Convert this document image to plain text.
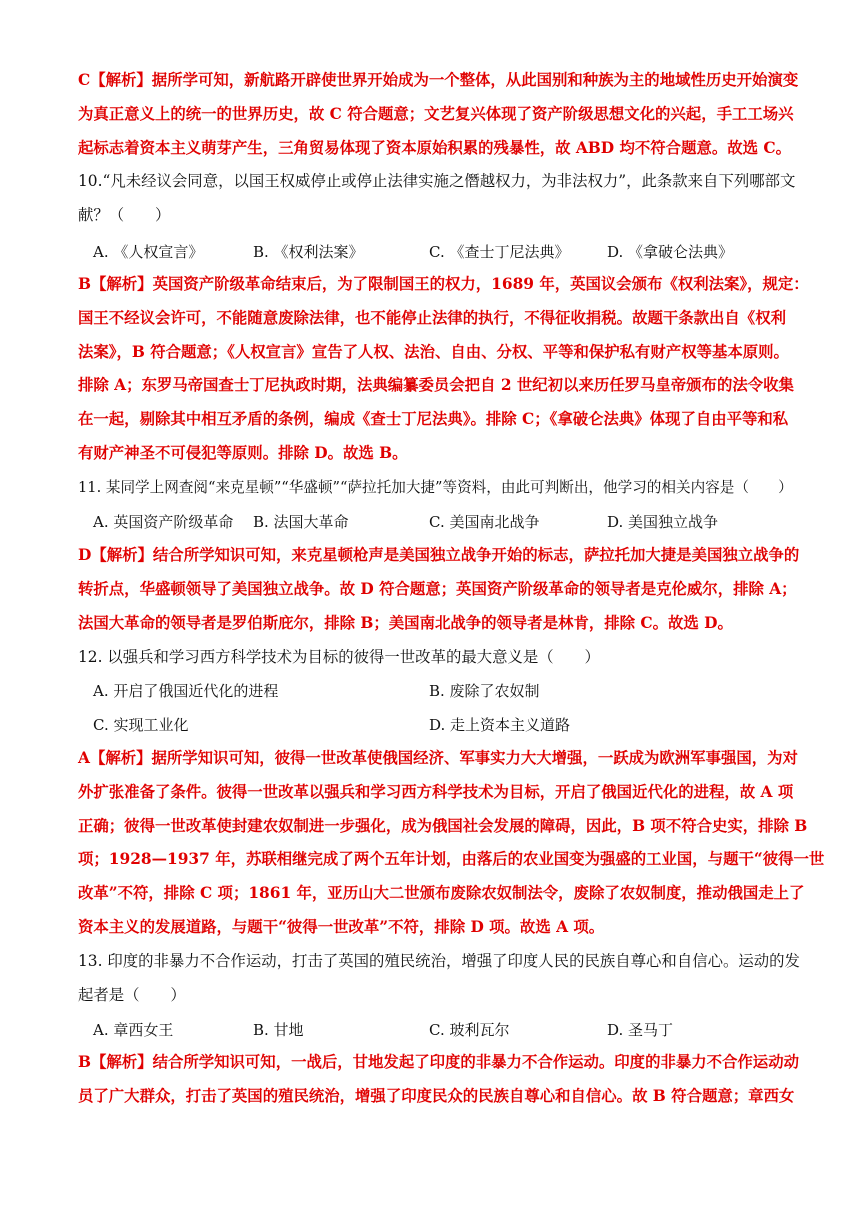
C【解析】据所学可知，新航路开辟使世界开始成为一个整体，从此国别和种族为主的地域性历史开始演变
为真正意义上的统一的世界历史，故 C 符合题意；文艺复兴体现了资产阶级思想文化的兴起，手工工场兴
起标志着资本主义萌芽产生，三角贸易体现了资本原始积累的残暴性，故 ABD 均不符合题意。故选 C。
10.“凡未经议会同意，以国王权威停止或停止法律实施之僭越权力，为非法权力”，此条款来自下列哪部文
献？（　　）
A. 《人权宣言》	B. 《权利法案》	C. 《查士丁尼法典》	D. 《拿破仑法典》
B【解析】英国资产阶级革命结束后，为了限制国王的权力，1689 年，英国议会颁布《权利法案》，规定：
国王不经议会许可，不能随意废除法律，也不能停止法律的执行，不得征收捐税。故题干条款出自《权利
法案》，B 符合题意；《人权宣言》宣告了人权、法治、自由、分权、平等和保护私有财产权等基本原则。
排除 A；东罗马帝国查士丁尼执政时期，法典编纂委员会把自 2 世纪初以来历任罗马皇帝颁布的法令收集
在一起，剔除其中相互矛盾的条例，编成《查士丁尼法典》。排除 C；《拿破仑法典》体现了自由平等和私
有财产神圣不可侵犯等原则。排除 D。故选 B。
11. 某同学上网查阅“来克星顿”“华盛顿”“萨拉托加大捷”等资料，由此可判断出，他学习的相关内容是（　　）
A. 英国资产阶级革命 B. 法国大革命	C. 美国南北战争	D. 美国独立战争
D【解析】结合所学知识可知，来克星顿枪声是美国独立战争开始的标志，萨拉托加大捷是美国独立战争的
转折点，华盛顿领导了美国独立战争。故 D 符合题意；英国资产阶级革命的领导者是克伦威尔，排除 A；
法国大革命的领导者是罗伯斯庇尔，排除 B；美国南北战争的领导者是林肯，排除 C。故选 D。
12. 以强兵和学习西方科学技术为目标的彼得一世改革的最大意义是（　　）
A. 开启了俄国近代化的进程	B. 废除了农奴制
C. 实现工业化	D. 走上资本主义道路
A【解析】据所学知识可知，彼得一世改革使俄国经济、军事实力大大增强，一跃成为欧洲军事强国，为对
外扩张准备了条件。彼得一世改革以强兵和学习西方科学技术为目标，开启了俄国近代化的进程，故 A 项
正确；彼得一世改革使封建农奴制进一步强化，成为俄国社会发展的障碍，因此，B 项不符合史实，排除 B
项；1928—1937 年，苏联相继完成了两个五年计划，由落后的农业国变为强盛的工业国，与题干“彼得一世
改革”不符，排除 C 项；1861 年，亚历山大二世颁布废除农奴制法令，废除了农奴制度，推动俄国走上了
资本主义的发展道路，与题干“彼得一世改革”不符，排除 D 项。故选 A 项。
13. 印度的非暴力不合作运动，打击了英国的殖民统治，增强了印度人民的民族自尊心和自信心。运动的发
起者是（　　）
A. 章西女王	B. 甘地	C. 玻利瓦尔	D. 圣马丁
B【解析】结合所学知识可知，一战后，甘地发起了印度的非暴力不合作运动。印度的非暴力不合作运动动
员了广大群众，打击了英国的殖民统治，增强了印度民众的民族自尊心和自信心。故 B 符合题意；章西女
